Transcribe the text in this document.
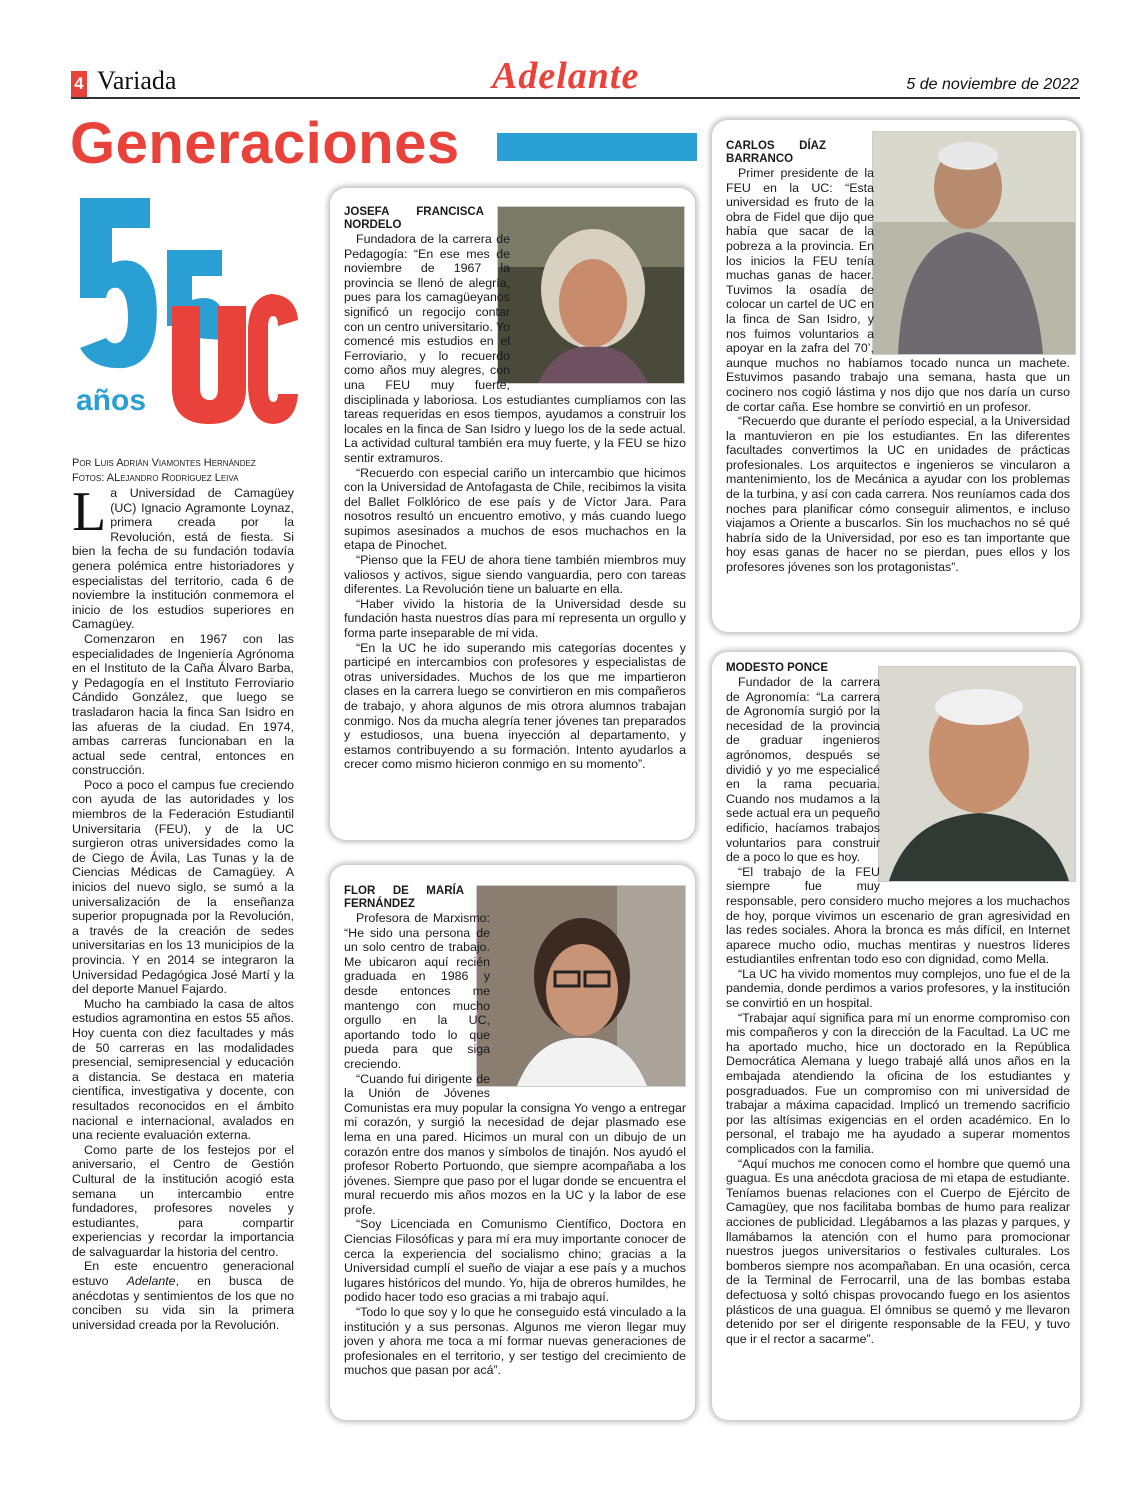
4 Variada	Adelante	5 de noviembre de 2022
Generaciones
años
Por Luis Adrián Viamontes Hernández
Fotos: ALejandro Rodríguez Leiva

La Universidad de Camagüey (UC) Ignacio Agramonte Loynaz, primera creada por la Revolución, está de fiesta. Si bien la fecha de su fundación todavía genera polémica entre historiadores y especialistas del territorio, cada 6 de noviembre la institución conmemora el inicio de los estudios superiores en Camagüey.

Comenzaron en 1967 con las especialidades de Ingeniería Agrónoma en el Instituto de la Caña Álvaro Barba, y Pedagogía en el Instituto Ferroviario Cándido González, que luego se trasladaron hacia la finca San Isidro en las afueras de la ciudad. En 1974, ambas carreras funcionaban en la actual sede central, entonces en construcción.

Poco a poco el campus fue creciendo con ayuda de las autoridades y los miembros de la Federación Estudiantil Universitaria (FEU), y de la UC surgieron otras universidades como la de Ciego de Ávila, Las Tunas y la de Ciencias Médicas de Camagüey. A inicios del nuevo siglo, se sumó a la universalización de la enseñanza superior propugnada por la Revolución, a través de la creación de sedes universitarias en los 13 municipios de la provincia. Y en 2014 se integraron la Universidad Pedagógica José Martí y la del deporte Manuel Fajardo.

Mucho ha cambiado la casa de altos estudios agramontina en estos 55 años. Hoy cuenta con diez facultades y más de 50 carreras en las modalidades presencial, semipresencial y educación a distancia. Se destaca en materia científica, investigativa y docente, con resultados reconocidos en el ámbito nacional e internacional, avalados en una reciente evaluación externa.

Como parte de los festejos por el aniversario, el Centro de Gestión Cultural de la institución acogió esta semana un intercambio entre fundadores, profesores noveles y estudiantes, para compartir experiencias y recordar la importancia de salvaguardar la historia del centro.

En este encuentro generacional estuvo Adelante, en busca de anécdotas y sentimientos de los que no conciben su vida sin la primera universidad creada por la Revolución.

JOSEFA FRANCISCA NORDELO

Fundadora de la carrera de Pedagogía: “En ese mes de noviembre de 1967 la provincia se llenó de alegría, pues para los camagüeyanos significó un regocijo contar con un centro universitario. Yo comencé mis estudios en el Ferroviario, y lo recuerdo como años muy alegres, con una FEU muy fuerte, disciplinada y laboriosa. Los estudiantes cumplíamos con las tareas requeridas en esos tiempos, ayudamos a construir los locales en la finca de San Isidro y luego los de la sede actual. La actividad cultural también era muy fuerte, y la FEU se hizo sentir extramuros.

“Recuerdo con especial cariño un intercambio que hicimos con la Universidad de Antofagasta de Chile, recibimos la visita del Ballet Folklórico de ese país y de Víctor Jara. Para nosotros resultó un encuentro emotivo, y más cuando luego supimos asesinados a muchos de esos muchachos en la etapa de Pinochet.

“Pienso que la FEU de ahora tiene también miembros muy valiosos y activos, sigue siendo vanguardia, pero con tareas diferentes. La Revolución tiene un baluarte en ella.

“Haber vivido la historia de la Universidad desde su fundación hasta nuestros días para mí representa un orgullo y forma parte inseparable de mi vida.

“En la UC he ido superando mis categorías docentes y participé en intercambios con profesores y especialistas de otras universidades. Muchos de los que me impartieron clases en la carrera luego se convirtieron en mis compañeros de trabajo, y ahora algunos de mis otrora alumnos trabajan conmigo. Nos da mucha alegría tener jóvenes tan preparados y estudiosos, una buena inyección al departamento, y estamos contribuyendo a su formación. Intento ayudarlos a crecer como mismo hicieron conmigo en su momento”.

FLOR DE MARÍA FERNÁNDEZ

Profesora de Marxismo: “He sido una persona de un solo centro de trabajo. Me ubicaron aquí recién graduada en 1986 y desde entonces me mantengo con mucho orgullo en la UC, aportando todo lo que pueda para que siga creciendo.

“Cuando fui dirigente de la Unión de Jóvenes Comunistas era muy popular la consigna Yo vengo a entregar mi corazón, y surgió la necesidad de dejar plasmado ese lema en una pared. Hicimos un mural con un dibujo de un corazón entre dos manos y símbolos de tinajón. Nos ayudó el profesor Roberto Portuondo, que siempre acompañaba a los jóvenes. Siempre que paso por el lugar donde se encuentra el mural recuerdo mis años mozos en la UC y la labor de ese profe.

“Soy Licenciada en Comunismo Científico, Doctora en Ciencias Filosóficas y para mí era muy importante conocer de cerca la experiencia del socialismo chino; gracias a la Universidad cumplí el sueño de viajar a ese país y a muchos lugares históricos del mundo. Yo, hija de obreros humildes, he podido hacer todo eso gracias a mi trabajo aquí.

“Todo lo que soy y lo que he conseguido está vinculado a la institución y a sus personas. Algunos me vieron llegar muy joven y ahora me toca a mí formar nuevas generaciones de profesionales en el territorio, y ser testigo del crecimiento de muchos que pasan por acá”.

CARLOS DÍAZ BARRANCO

Primer presidente de la FEU en la UC: “Esta universidad es fruto de la obra de Fidel que dijo que había que sacar de la pobreza a la provincia. En los inicios la FEU tenía muchas ganas de hacer. Tuvimos la osadía de colocar un cartel de UC en la finca de San Isidro, y nos fuimos voluntarios a apoyar en la zafra del 70’, aunque muchos no habíamos tocado nunca un machete. Estuvimos pasando trabajo una semana, hasta que un cocinero nos cogió lástima y nos dijo que nos daría un curso de cortar caña. Ese hombre se convirtió en un profesor.

“Recuerdo que durante el período especial, a la Universidad la mantuvieron en pie los estudiantes. En las diferentes facultades convertimos la UC en unidades de prácticas profesionales. Los arquitectos e ingenieros se vincularon a mantenimiento, los de Mecánica a ayudar con los problemas de la turbina, y así con cada carrera. Nos reuníamos cada dos noches para planificar cómo conseguir alimentos, e incluso viajamos a Oriente a buscarlos. Sin los muchachos no sé qué habría sido de la Universidad, por eso es tan importante que hoy esas ganas de hacer no se pierdan, pues ellos y los profesores jóvenes son los protagonistas”.

MODESTO PONCE

Fundador de la carrera de Agronomía: “La carrera de Agronomía surgió por la necesidad de la provincia de graduar ingenieros agrónomos, después se dividió y yo me especialicé en la rama pecuaria. Cuando nos mudamos a la sede actual era un pequeño edificio, hacíamos trabajos voluntarios para construir de a poco lo que es hoy.

“El trabajo de la FEU siempre fue muy responsable, pero considero mucho mejores a los muchachos de hoy, porque vivimos un escenario de gran agresividad en las redes sociales. Ahora la bronca es más difícil, en Internet aparece mucho odio, muchas mentiras y nuestros líderes estudiantiles enfrentan todo eso con dignidad, como Mella.

“La UC ha vivido momentos muy complejos, uno fue el de la pandemia, donde perdimos a varios profesores, y la institución se convirtió en un hospital.

“Trabajar aquí significa para mí un enorme compromiso con mis compañeros y con la dirección de la Facultad. La UC me ha aportado mucho, hice un doctorado en la República Democrática Alemana y luego trabajé allá unos años en la embajada atendiendo la oficina de los estudiantes y posgraduados. Fue un compromiso con mi universidad de trabajar a máxima capacidad. Implicó un tremendo sacrificio por las altísimas exigencias en el orden académico. En lo personal, el trabajo me ha ayudado a superar momentos complicados con la familia.

“Aquí muchos me conocen como el hombre que quemó una guagua. Es una anécdota graciosa de mi etapa de estudiante. Teníamos buenas relaciones con el Cuerpo de Ejército de Camagüey, que nos facilitaba bombas de humo para realizar acciones de publicidad. Llegábamos a las plazas y parques, y llamábamos la atención con el humo para promocionar nuestros juegos universitarios o festivales culturales. Los bomberos siempre nos acompañaban. En una ocasión, cerca de la Terminal de Ferrocarril, una de las bombas estaba defectuosa y soltó chispas provocando fuego en los asientos plásticos de una guagua. El ómnibus se quemó y me llevaron detenido por ser el dirigente responsable de la FEU, y tuvo que ir el rector a sacarme”.
